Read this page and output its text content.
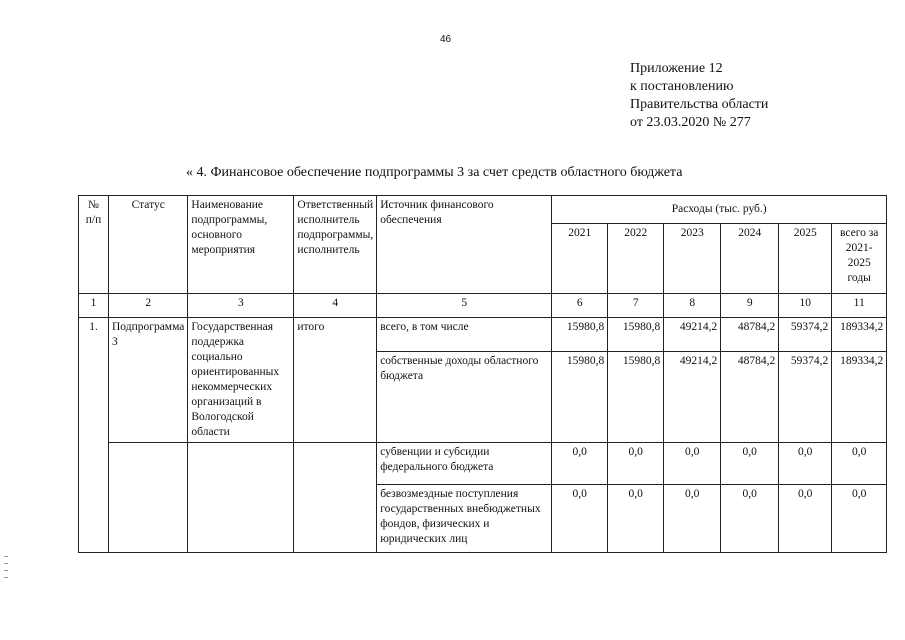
46
Приложение 12
к постановлению
Правительства области
от 23.03.2020 № 277
« 4. Финансовое обеспечение подпрограммы 3 за счет средств областного бюджета
№ п/п	Статус	Наименование подпрограммы, основного мероприятия	Ответственный исполнитель подпрограммы, исполнитель	Источник финансового обеспечения	Расходы (тыс. руб.)					
					2021	2022	2023	2024	2025	всего за 2021-2025 годы
1	2	3	4	5	6	7	8	9	10	11
1.	Подпрограмма 3	Государственная поддержка социально ориентированных некоммерческих организаций в Вологодской области	итого	всего, в том числе	15980,8	15980,8	49214,2	48784,2	59374,2	189334,2
				собственные доходы областного бюджета	15980,8	15980,8	49214,2	48784,2	59374,2	189334,2
				субвенции и субсидии федерального бюджета	0,0	0,0	0,0	0,0	0,0	0,0
				безвозмездные поступления государственных внебюджетных фондов, физических и юридических лиц	0,0	0,0	0,0	0,0	0,0	0,0
